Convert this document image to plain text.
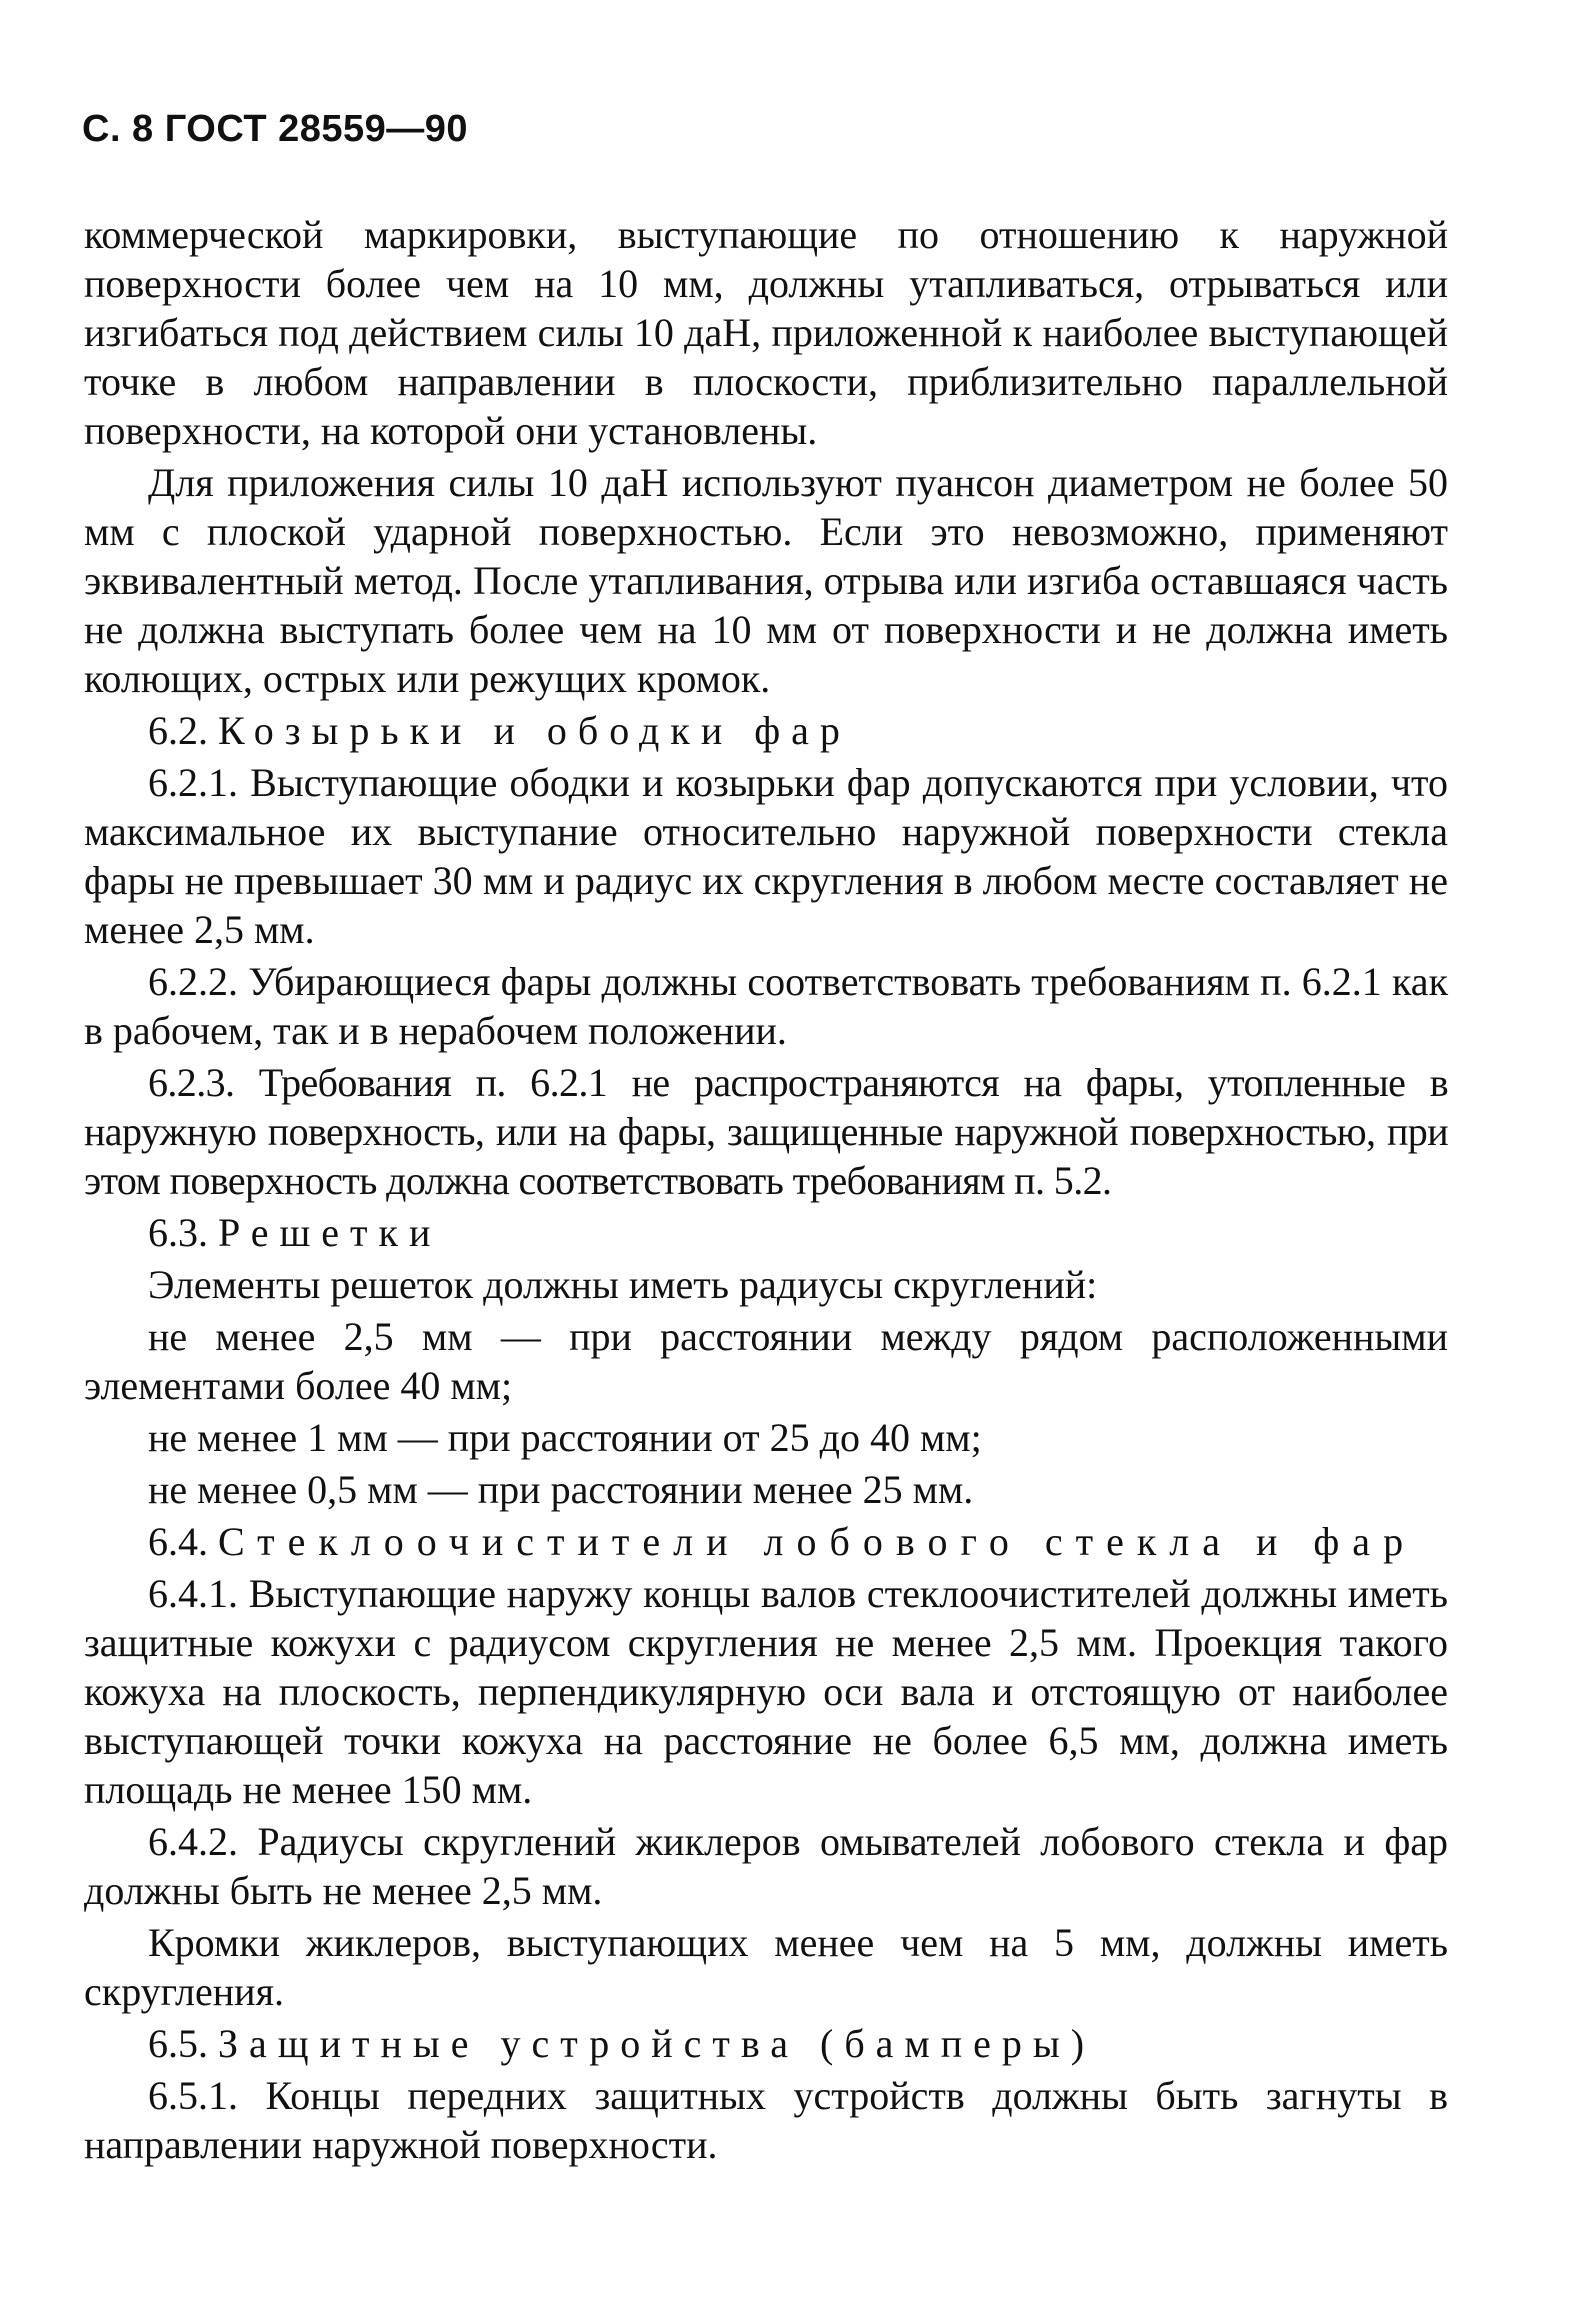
С. 8 ГОСТ 28559—90

коммерческой маркировки, выступающие по отношению к наружной поверхности более чем на 10 мм, должны утапливаться, отрываться или изгибаться под действием силы 10 даН, приложенной к наиболее выступающей точке в любом направлении в плоскости, приблизительно параллельной поверхности, на которой они установлены.

Для приложения силы 10 даН используют пуансон диаметром не более 50 мм с плоской ударной поверхностью. Если это невозможно, применяют эквивалентный метод. После утапливания, отрыва или изгиба оставшаяся часть не должна выступать более чем на 10 мм от поверхности и не должна иметь колющих, острых или режущих кромок.

6.2. Козырьки и ободки фар

6.2.1. Выступающие ободки и козырьки фар допускаются при условии, что максимальное их выступание относительно наружной поверхности стекла фары не превышает 30 мм и радиус их скругления в любом месте составляет не менее 2,5 мм.

6.2.2. Убирающиеся фары должны соответствовать требованиям п. 6.2.1 как в рабочем, так и в нерабочем положении.

6.2.3. Требования п. 6.2.1 не распространяются на фары, утопленные в наружную поверхность, или на фары, защищенные наружной поверхностью, при этом поверхность должна соответствовать требованиям п. 5.2.

6.3. Решетки

Элементы решеток должны иметь радиусы скруглений:

не менее 2,5 мм — при расстоянии между рядом расположенными элементами более 40 мм;

не менее 1 мм — при расстоянии от 25 до 40 мм;

не менее 0,5 мм — при расстоянии менее 25 мм.

6.4. Стеклоочистители лобового стекла и фар

6.4.1. Выступающие наружу концы валов стеклоочистителей должны иметь защитные кожухи с радиусом скругления не менее 2,5 мм. Проекция такого кожуха на плоскость, перпендикулярную оси вала и отстоящую от наиболее выступающей точки кожуха на расстояние не более 6,5 мм, должна иметь площадь не менее 150 мм.

6.4.2. Радиусы скруглений жиклеров омывателей лобового стекла и фар должны быть не менее 2,5 мм.

Кромки жиклеров, выступающих менее чем на 5 мм, должны иметь скругления.

6.5. Защитные устройства (бамперы)

6.5.1. Концы передних защитных устройств должны быть загнуты в направлении наружной поверхности.
